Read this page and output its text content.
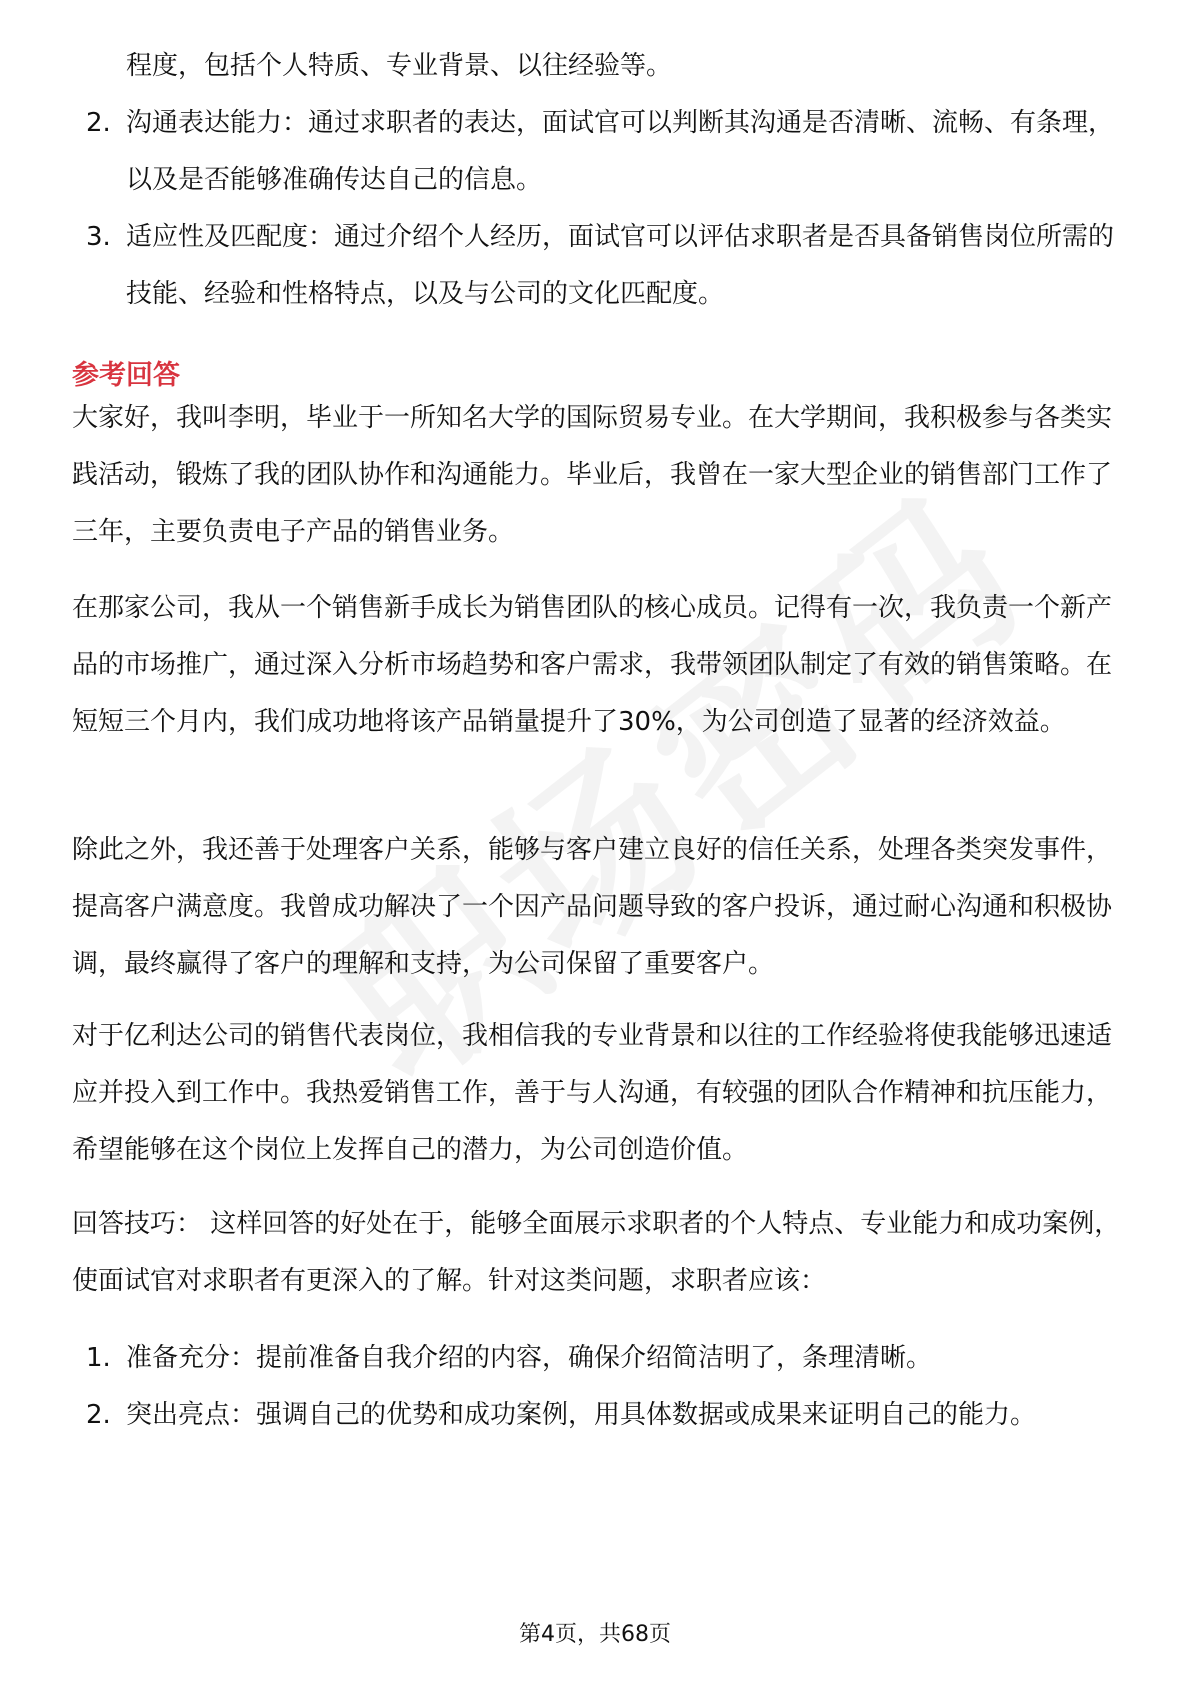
程度，包括个人特质、专业背景、以往经验等。
2. 沟通表达能力：通过求职者的表达，面试官可以判断其沟通是否清晰、流畅、有条理，以及是否能够准确传达自己的信息。
3. 适应性及匹配度：通过介绍个人经历，面试官可以评估求职者是否具备销售岗位所需的技能、经验和性格特点，以及与公司的文化匹配度。
参考回答

大家好，我叫李明，毕业于一所知名大学的国际贸易专业。在大学期间，我积极参与各类实践活动，锻炼了我的团队协作和沟通能力。毕业后，我曾在一家大型企业的销售部门工作了三年，主要负责电子产品的销售业务。

在那家公司，我从一个销售新手成长为销售团队的核心成员。记得有一次，我负责一个新产品的市场推广，通过深入分析市场趋势和客户需求，我带领团队制定了有效的销售策略。在短短三个月内，我们成功地将该产品销量提升了30%，为公司创造了显著的经济效益。

除此之外，我还善于处理客户关系，能够与客户建立良好的信任关系，处理各类突发事件，提高客户满意度。我曾成功解决了一个因产品问题导致的客户投诉，通过耐心沟通和积极协调，最终赢得了客户的理解和支持，为公司保留了重要客户。

对于亿利达公司的销售代表岗位，我相信我的专业背景和以往的工作经验将使我能够迅速适应并投入到工作中。我热爱销售工作，善于与人沟通，有较强的团队合作精神和抗压能力，希望能够在这个岗位上发挥自己的潜力，为公司创造价值。

回答技巧： 这样回答的好处在于，能够全面展示求职者的个人特点、专业能力和成功案例，使面试官对求职者有更深入的了解。针对这类问题，求职者应该：

1. 准备充分：提前准备自我介绍的内容，确保介绍简洁明了，条理清晰。
2. 突出亮点：强调自己的优势和成功案例，用具体数据或成果来证明自己的能力。
第4页，共68页
